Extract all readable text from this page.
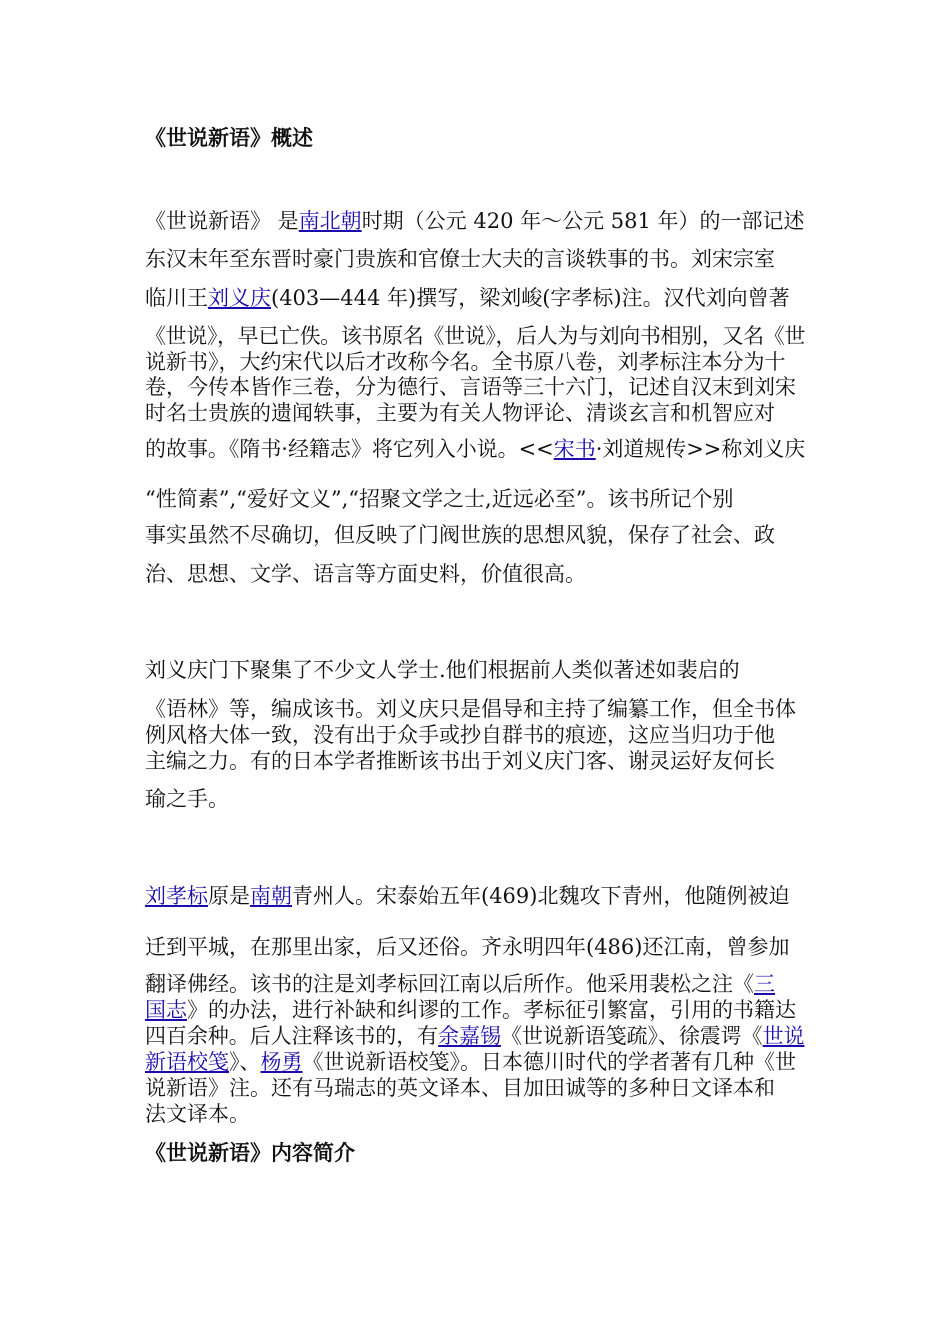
《世说新语》概述
《世说新语》 是南北朝时期（公元 420 年～公元 581 年）的一部记述
东汉末年至东晋时豪门贵族和官僚士大夫的言谈轶事的书。刘宋宗室
临川王刘义庆(403—444 年)撰写，梁刘峻(字孝标)注。汉代刘向曾著
《世说》，早已亡佚。该书原名《世说》，后人为与刘向书相别，又名《世
说新书》，大约宋代以后才改称今名。全书原八卷，刘孝标注本分为十
卷，今传本皆作三卷，分为德行、言语等三十六门，记述自汉末到刘宋
时名士贵族的遗闻轶事，主要为有关人物评论、清谈玄言和机智应对
的故事。《隋书·经籍志》将它列入小说。<<宋书·刘道规传>>称刘义庆
“性简素”,“爱好文义”,“招聚文学之士,近远必至”。该书所记个别
事实虽然不尽确切，但反映了门阀世族的思想风貌，保存了社会、政
治、思想、文学、语言等方面史料，价值很高。
刘义庆门下聚集了不少文人学士.他们根据前人类似著述如裴启的
《语林》等，编成该书。刘义庆只是倡导和主持了编纂工作，但全书体
例风格大体一致，没有出于众手或抄自群书的痕迹，这应当归功于他
主编之力。有的日本学者推断该书出于刘义庆门客、谢灵运好友何长
瑜之手。
刘孝标原是南朝青州人。宋泰始五年(469)北魏攻下青州，他随例被迫
迁到平城，在那里出家，后又还俗。齐永明四年(486)还江南，曾参加
翻译佛经。该书的注是刘孝标回江南以后所作。他采用裴松之注《三
国志》的办法，进行补缺和纠谬的工作。孝标征引繁富，引用的书籍达
四百余种。后人注释该书的，有余嘉锡《世说新语笺疏》、徐震谔《世说
新语校笺》、杨勇《世说新语校笺》。日本德川时代的学者著有几种《世
说新语》注。还有马瑞志的英文译本、目加田诚等的多种日文译本和
法文译本。
《世说新语》内容简介
